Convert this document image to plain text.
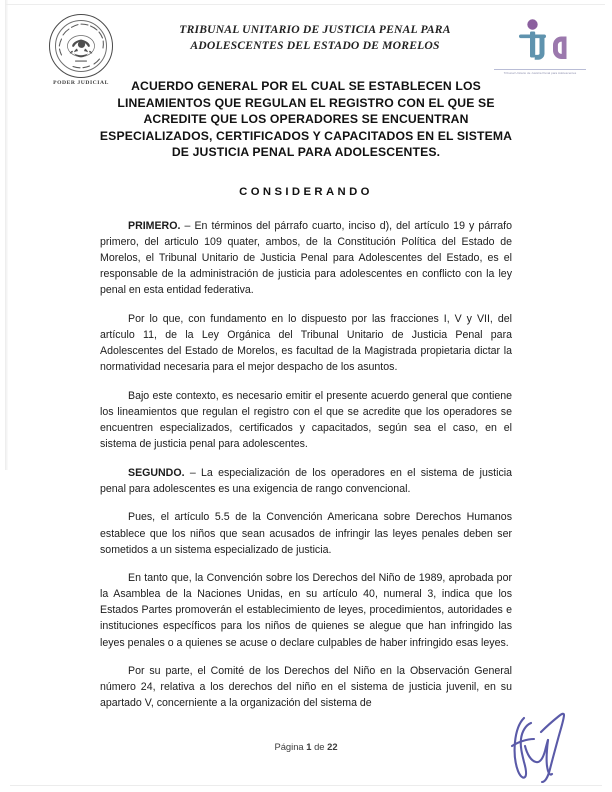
PODER JUDICIAL
TRIBUNAL UNITARIO DE JUSTICIA PENAL PARA
ADOLESCENTES DEL ESTADO DE MORELOS
Tribunal Unitario de Justicia Penal para Adolescentes
ACUERDO GENERAL POR EL CUAL SE ESTABLECEN LOS
LINEAMIENTOS QUE REGULAN EL REGISTRO CON EL QUE SE
ACREDITE QUE LOS OPERADORES SE ENCUENTRAN
ESPECIALIZADOS, CERTIFICADOS Y CAPACITADOS EN EL SISTEMA
DE JUSTICIA PENAL PARA ADOLESCENTES.
CONSIDERANDO

PRIMERO. – En términos del párrafo cuarto, inciso d), del artículo 19 y párrafo primero, del articulo 109 quater, ambos, de la Constitución Política del Estado de Morelos, el Tribunal Unitario de Justicia Penal para Adolescentes del Estado, es el responsable de la administración de justicia para adolescentes en conflicto con la ley penal en esta entidad federativa.

Por lo que, con fundamento en lo dispuesto por las fracciones I, V y VII, del artículo 11, de la Ley Orgánica del Tribunal Unitario de Justicia Penal para Adolescentes del Estado de Morelos, es facultad de la Magistrada propietaria dictar la normatividad necesaria para el mejor despacho de los asuntos.

Bajo este contexto, es necesario emitir el presente acuerdo general que contiene los lineamientos que regulan el registro con el que se acredite que los operadores se encuentren especializados, certificados y capacitados, según sea el caso, en el sistema de justicia penal para adolescentes.

SEGUNDO. – La especialización de los operadores en el sistema de justicia penal para adolescentes es una exigencia de rango convencional.

Pues, el artículo 5.5 de la Convención Americana sobre Derechos Humanos establece que los niños que sean acusados de infringir las leyes penales deben ser sometidos a un sistema especializado de justicia.

En tanto que, la Convención sobre los Derechos del Niño de 1989, aprobada por la Asamblea de la Naciones Unidas, en su artículo 40, numeral 3, indica que los Estados Partes promoverán el establecimiento de leyes, procedimientos, autoridades e instituciones específicos para los niños de quienes se alegue que han infringido las leyes penales o a quienes se acuse o declare culpables de haber infringido esas leyes.

Por su parte, el Comité de los Derechos del Niño en la Observación General número 24, relativa a los derechos del niño en el sistema de justicia juvenil, en su apartado V, concerniente a la organización del sistema de

Página 1 de 22
